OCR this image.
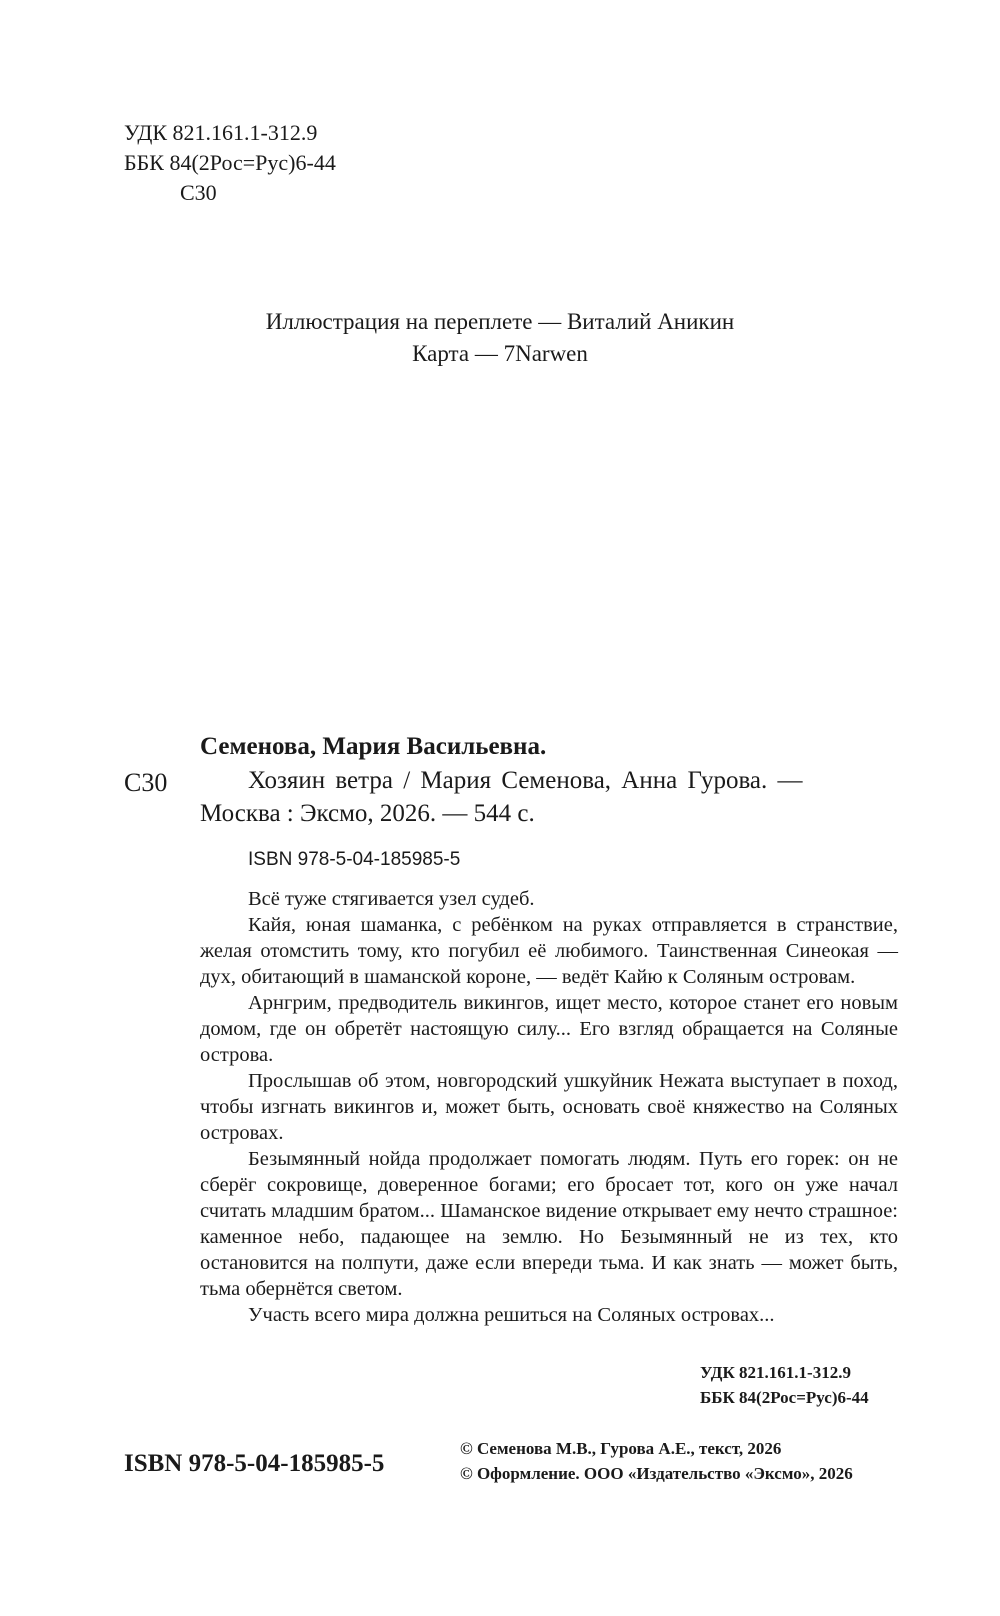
УДК 821.161.1-312.9
ББК 84(2Рос=Рус)6-44
С30
Иллюстрация на переплете — Виталий Аникин
Карта — 7Narwen
С30
Семенова, Мария Васильевна.
Хозяин ветра / Мария Семенова, Анна Гурова. —
Москва : Эксмо, 2026. — 544 с.
ISBN 978-5-04-185985-5

Всё туже стягивается узел судеб.

Кайя, юная шаманка, с ребёнком на руках отправляется в странствие, желая отомстить тому, кто погубил её любимого. Таинственная Синеокая — дух, обитающий в шаманской короне, — ведёт Кайю к Соляным островам.

Арнгрим, предводитель викингов, ищет место, которое станет его новым домом, где он обретёт настоящую силу... Его взгляд обращается на Соляные острова.

Прослышав об этом, новгородский ушкуйник Нежата выступает в поход, чтобы изгнать викингов и, может быть, основать своё княжество на Соляных островах.

Безымянный нойда продолжает помогать людям. Путь его горек: он не сберёг сокровище, доверенное богами; его бросает тот, кого он уже начал считать младшим братом... Шаманское видение открывает ему нечто страшное: каменное небо, падающее на землю. Но Безымянный не из тех, кто остановится на полпути, даже если впереди тьма. И как знать — может быть, тьма обернётся светом.

Участь всего мира должна решиться на Соляных островах...

УДК 821.161.1-312.9
ББК 84(2Рос=Рус)6-44
ISBN 978-5-04-185985-5
© Семенова М.В., Гурова А.Е., текст, 2026
© Оформление. ООО «Издательство «Эксмо», 2026
